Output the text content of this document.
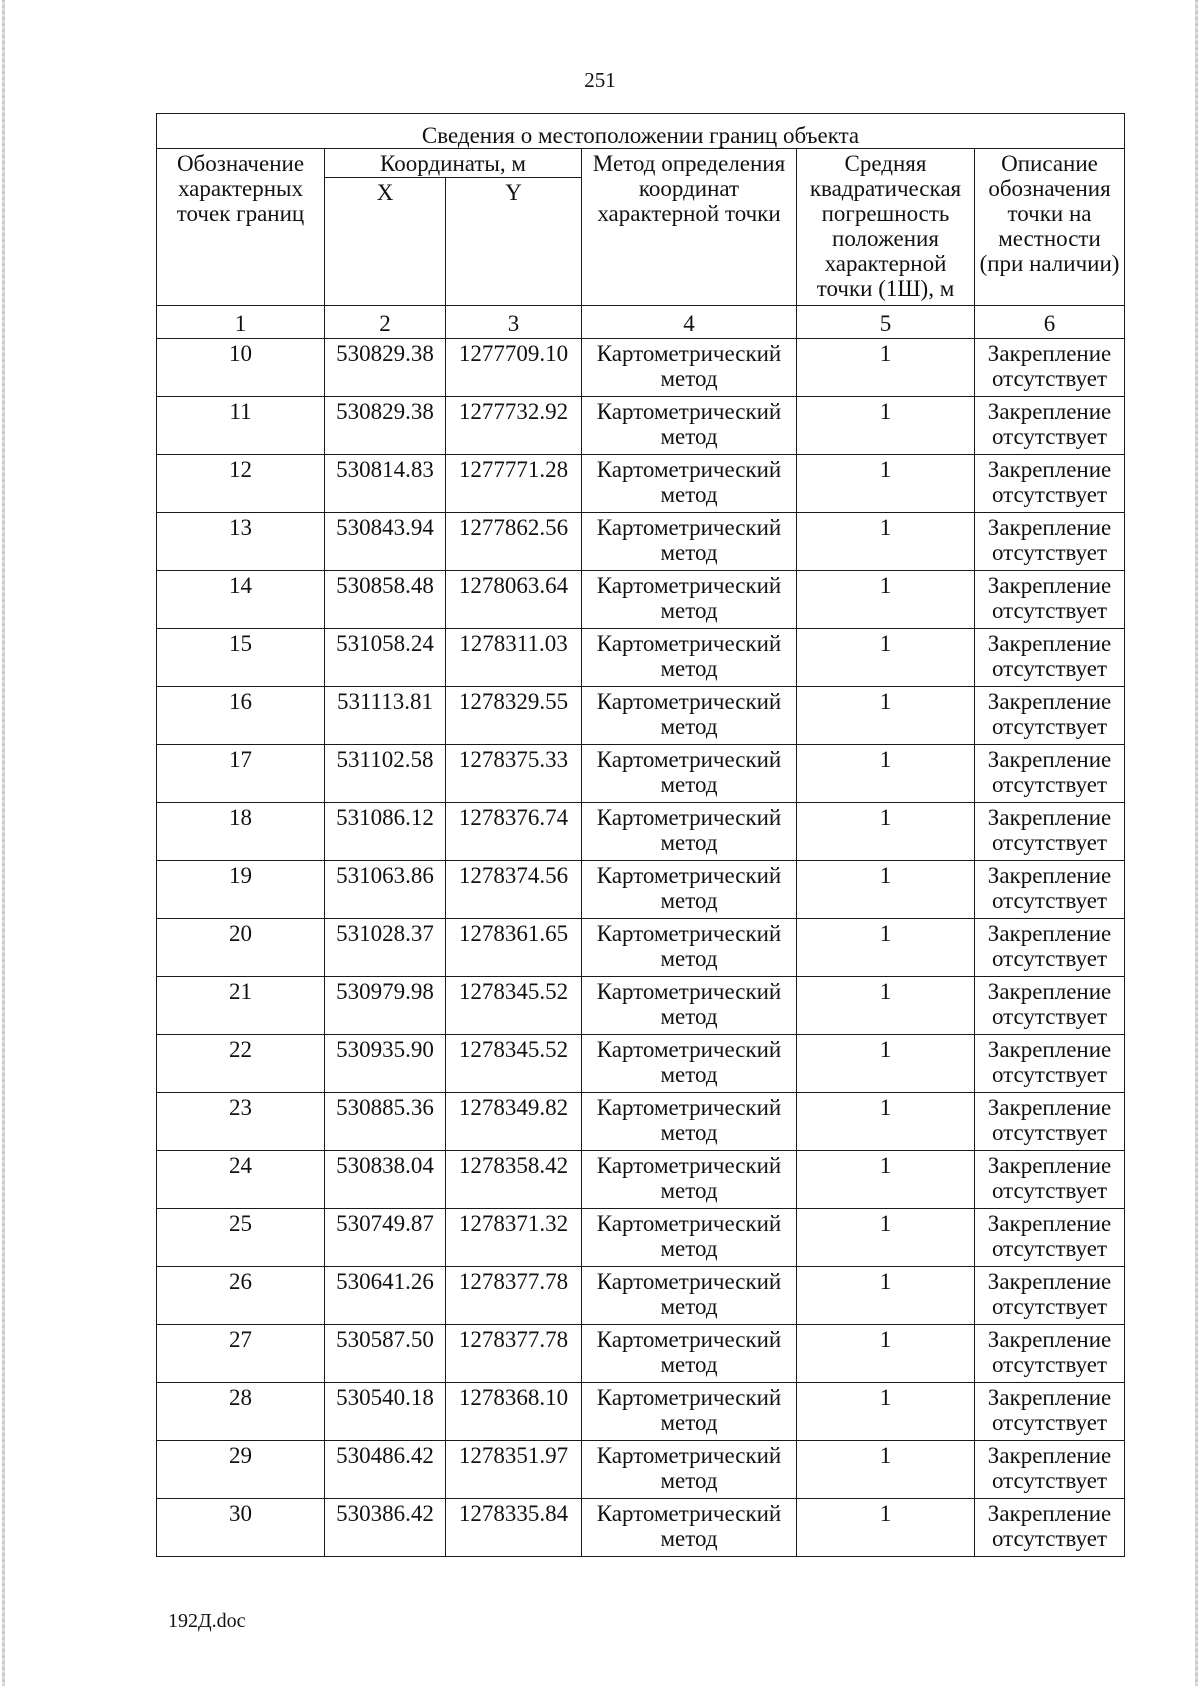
251
Сведения о местоположении границ объекта					
Обозначение характерных точек границ	Координаты, м		Метод определения координат характерной точки	Средняя квадратическая погрешность положения характерной точки (1Ш), м	Описание обозначения точки на местности (при наличии)
	X	Y			
1	2	3	4	5	6
10	530829.38	1277709.10	Картометрический метод	1	Закрепление отсутствует
11	530829.38	1277732.92	Картометрический метод	1	Закрепление отсутствует
12	530814.83	1277771.28	Картометрический метод	1	Закрепление отсутствует
13	530843.94	1277862.56	Картометрический метод	1	Закрепление отсутствует
14	530858.48	1278063.64	Картометрический метод	1	Закрепление отсутствует
15	531058.24	1278311.03	Картометрический метод	1	Закрепление отсутствует
16	531113.81	1278329.55	Картометрический метод	1	Закрепление отсутствует
17	531102.58	1278375.33	Картометрический метод	1	Закрепление отсутствует
18	531086.12	1278376.74	Картометрический метод	1	Закрепление отсутствует
19	531063.86	1278374.56	Картометрический метод	1	Закрепление отсутствует
20	531028.37	1278361.65	Картометрический метод	1	Закрепление отсутствует
21	530979.98	1278345.52	Картометрический метод	1	Закрепление отсутствует
22	530935.90	1278345.52	Картометрический метод	1	Закрепление отсутствует
23	530885.36	1278349.82	Картометрический метод	1	Закрепление отсутствует
24	530838.04	1278358.42	Картометрический метод	1	Закрепление отсутствует
25	530749.87	1278371.32	Картометрический метод	1	Закрепление отсутствует
26	530641.26	1278377.78	Картометрический метод	1	Закрепление отсутствует
27	530587.50	1278377.78	Картометрический метод	1	Закрепление отсутствует
28	530540.18	1278368.10	Картометрический метод	1	Закрепление отсутствует
29	530486.42	1278351.97	Картометрический метод	1	Закрепление отсутствует
30	530386.42	1278335.84	Картометрический метод	1	Закрепление отсутствует
192Д.doc
